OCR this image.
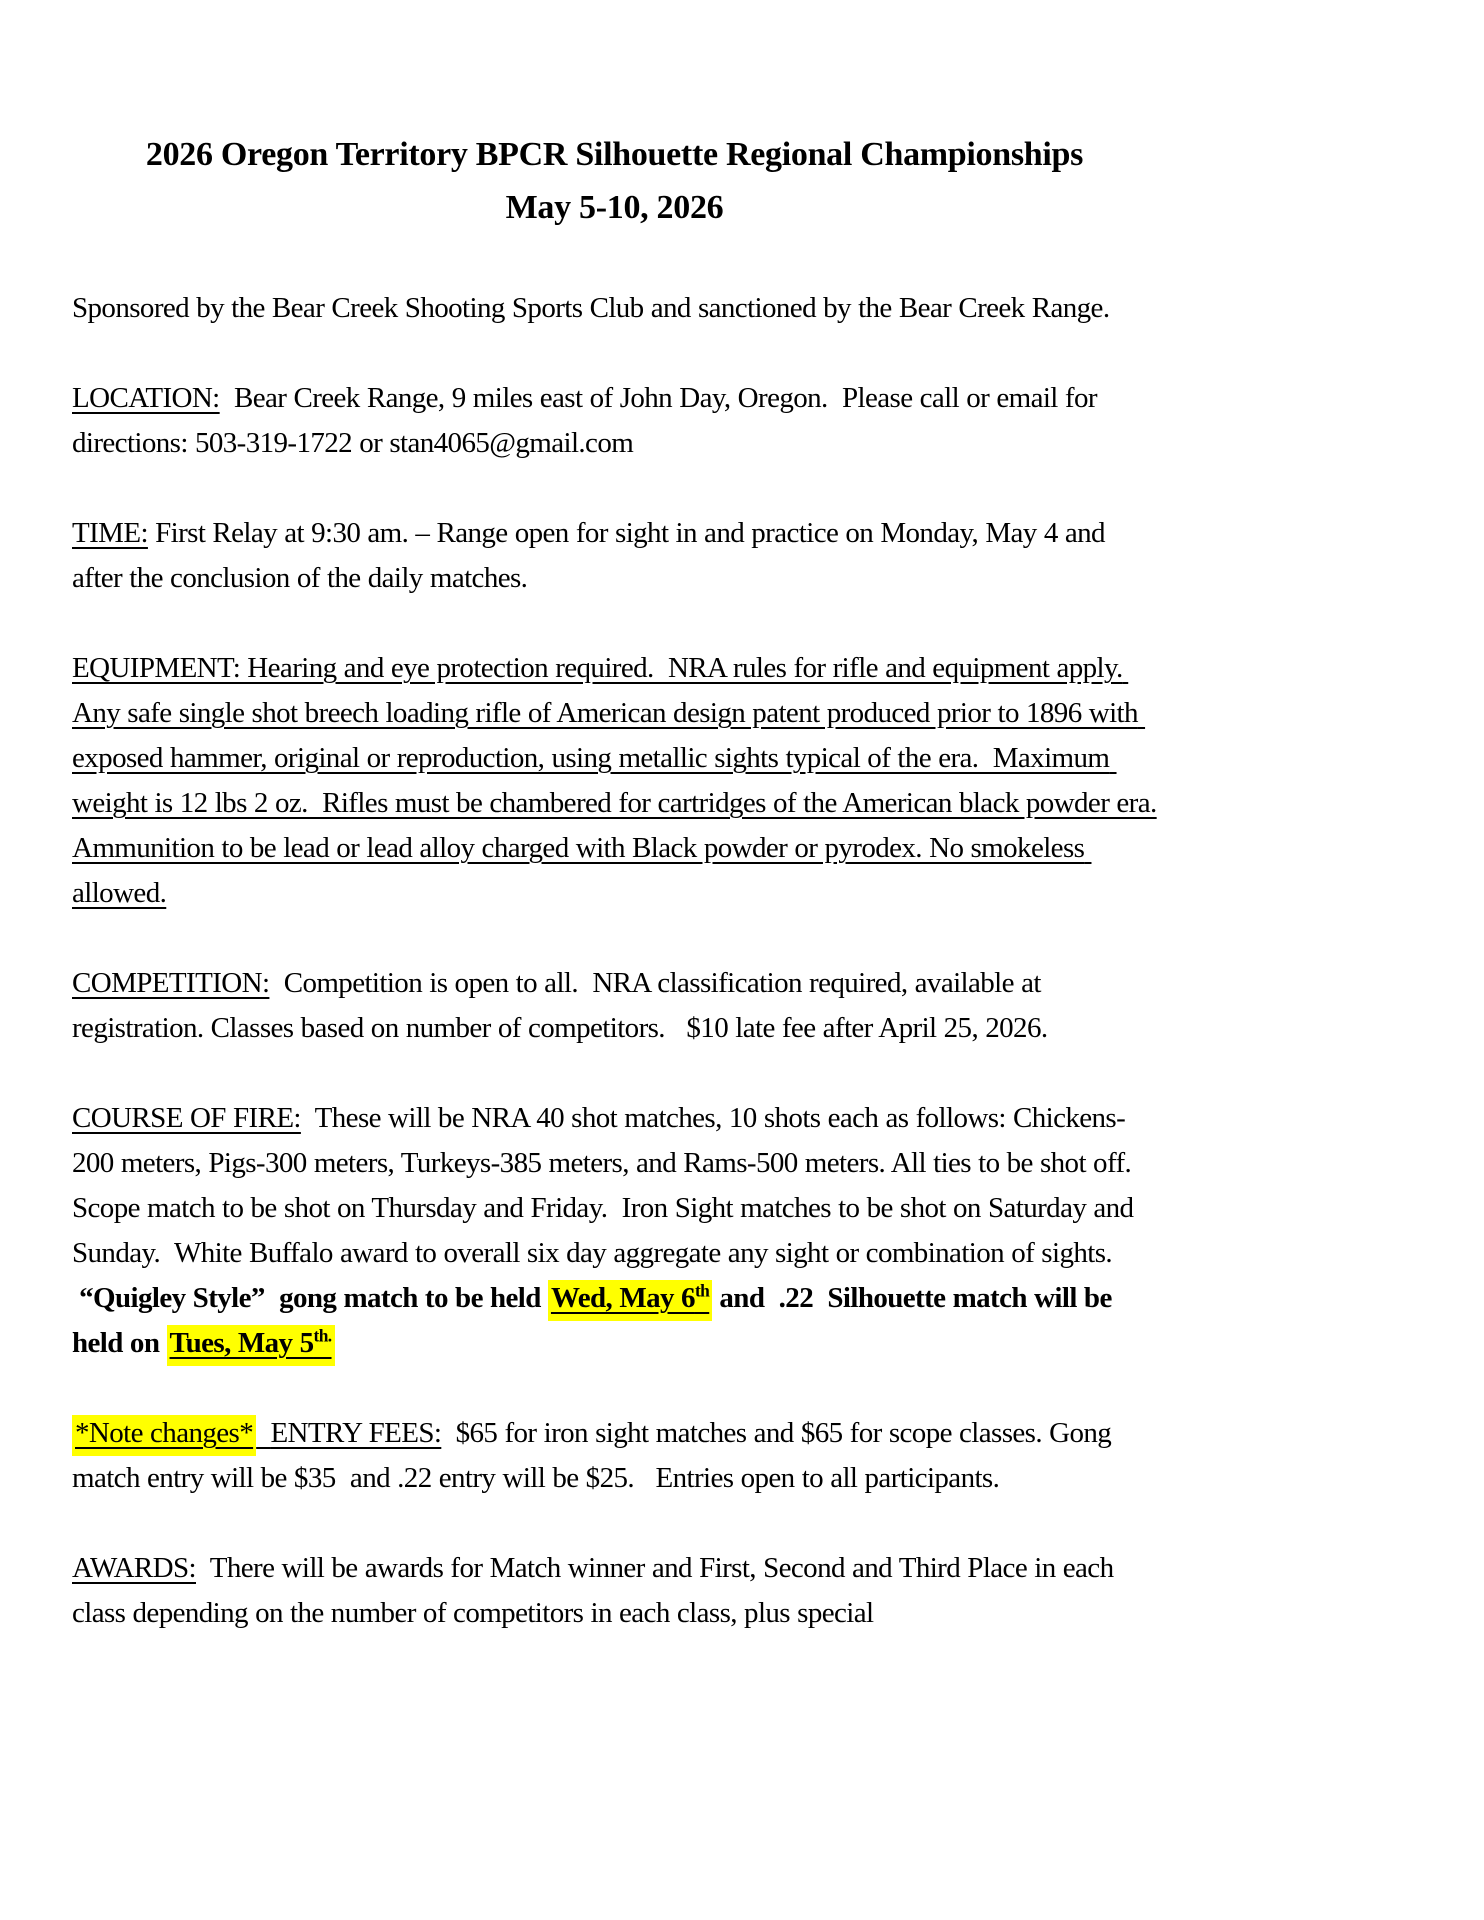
2026 Oregon Territory BPCR Silhouette Regional Championships
May 5-10, 2026

Sponsored by the Bear Creek Shooting Sports Club and sanctioned by the Bear Creek Range.

LOCATION:  Bear Creek Range, 9 miles east of John Day, Oregon.  Please call or email for directions: 503-319-1722 or stan4065@gmail.com

TIME: First Relay at 9:30 am. – Range open for sight in and practice on Monday, May 4 and after the conclusion of the daily matches.

EQUIPMENT: Hearing and eye protection required.  NRA rules for rifle and equipment apply. Any safe single shot breech loading rifle of American design patent produced prior to 1896 with exposed hammer, original or reproduction, using metallic sights typical of the era.  Maximum weight is 12 lbs 2 oz.  Rifles must be chambered for cartridges of the American black powder era.
Ammunition to be lead or lead alloy charged with Black powder or pyrodex. No smokeless allowed.

COMPETITION:  Competition is open to all.  NRA classification required, available at registration. Classes based on number of competitors.   $10 late fee after April 25, 2026.

COURSE OF FIRE:  These will be NRA 40 shot matches, 10 shots each as follows: Chickens-200 meters, Pigs-300 meters, Turkeys-385 meters, and Rams-500 meters. All ties to be shot off.  Scope match to be shot on Thursday and Friday.  Iron Sight matches to be shot on Saturday and Sunday.  White Buffalo award to overall six day aggregate any sight or combination of sights.
“Quigley Style”  gong match to be held Wed, May 6th and  .22  Silhouette match will be held on Tues, May $5^{th.}$

*Note changes* ENTRY FEES:  $65 for iron sight matches and $65 for scope classes. Gong match entry will be $35  and .22 entry will be $25.   Entries open to all participants.

AWARDS:  There will be awards for Match winner and First, Second and Third Place in each class depending on the number of competitors in each class, plus special
